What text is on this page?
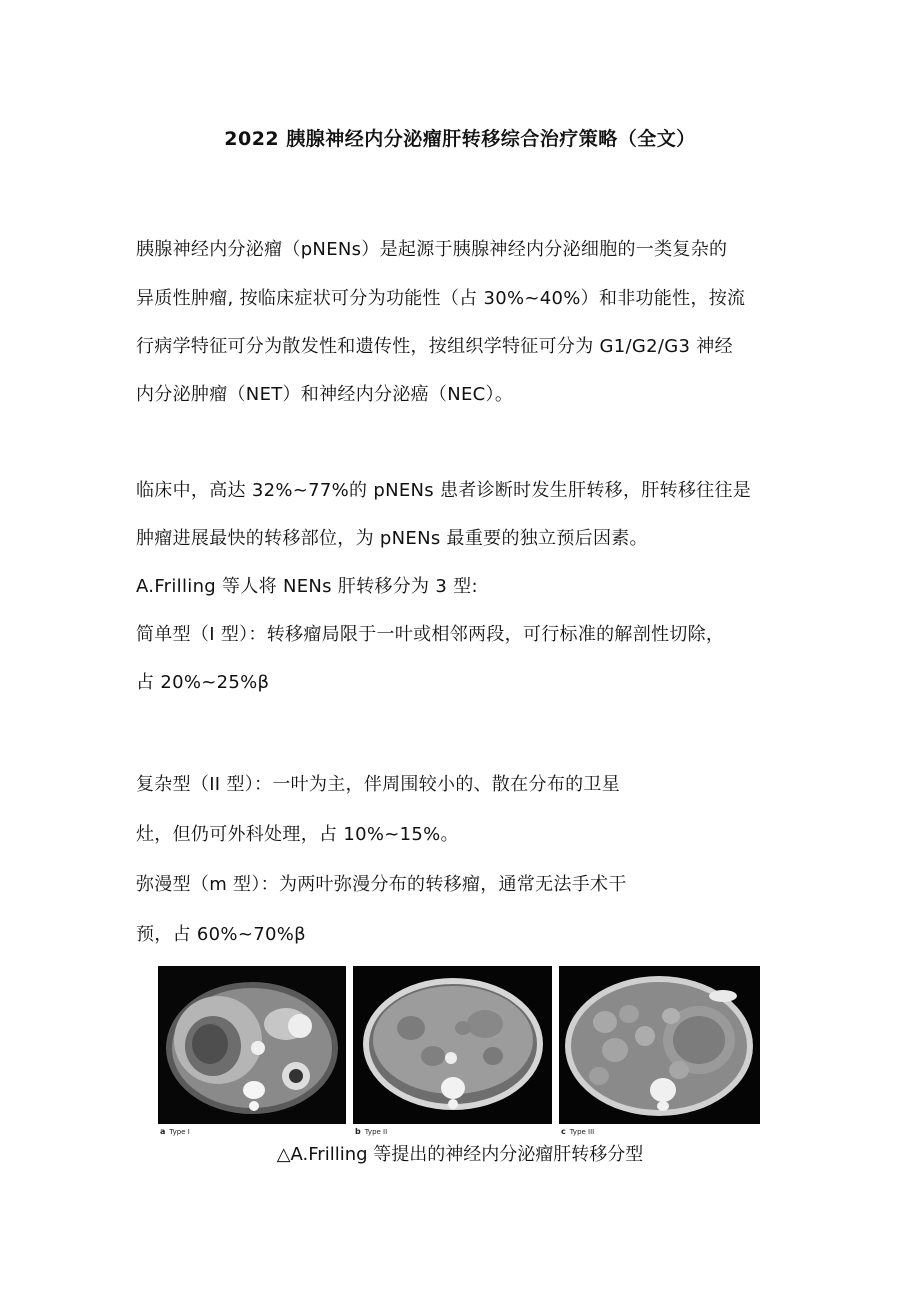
2022 胰腺神经内分泌瘤肝转移综合治疗策略（全文）
胰腺神经内分泌瘤（pNENs）是起源于胰腺神经内分泌细胞的一类复杂的
异质性肿瘤, 按临床症状可分为功能性（占 30%~40%）和非功能性，按流
行病学特征可分为散发性和遗传性，按组织学特征可分为 G1/G2/G3 神经
内分泌肿瘤（NET）和神经内分泌癌（NEC）。
临床中，高达 32%~77%的 pNENs 患者诊断时发生肝转移，肝转移往往是
肿瘤进展最快的转移部位，为 pNENs 最重要的独立预后因素。
A.Frilling 等人将 NENs 肝转移分为 3 型:
简单型（I 型）：转移瘤局限于一叶或相邻两段，可行标准的解剖性切除，
占 20%~25%β
复杂型（II 型）：一叶为主，伴周围较小的、散在分布的卫星
灶，但仍可外科处理，占 10%~15%。
弥漫型（m 型）：为两叶弥漫分布的转移瘤，通常无法手术干
预，占 60%~70%β
a Type I	b Type II	c Type III
△A.Frilling 等提出的神经内分泌瘤肝转移分型
